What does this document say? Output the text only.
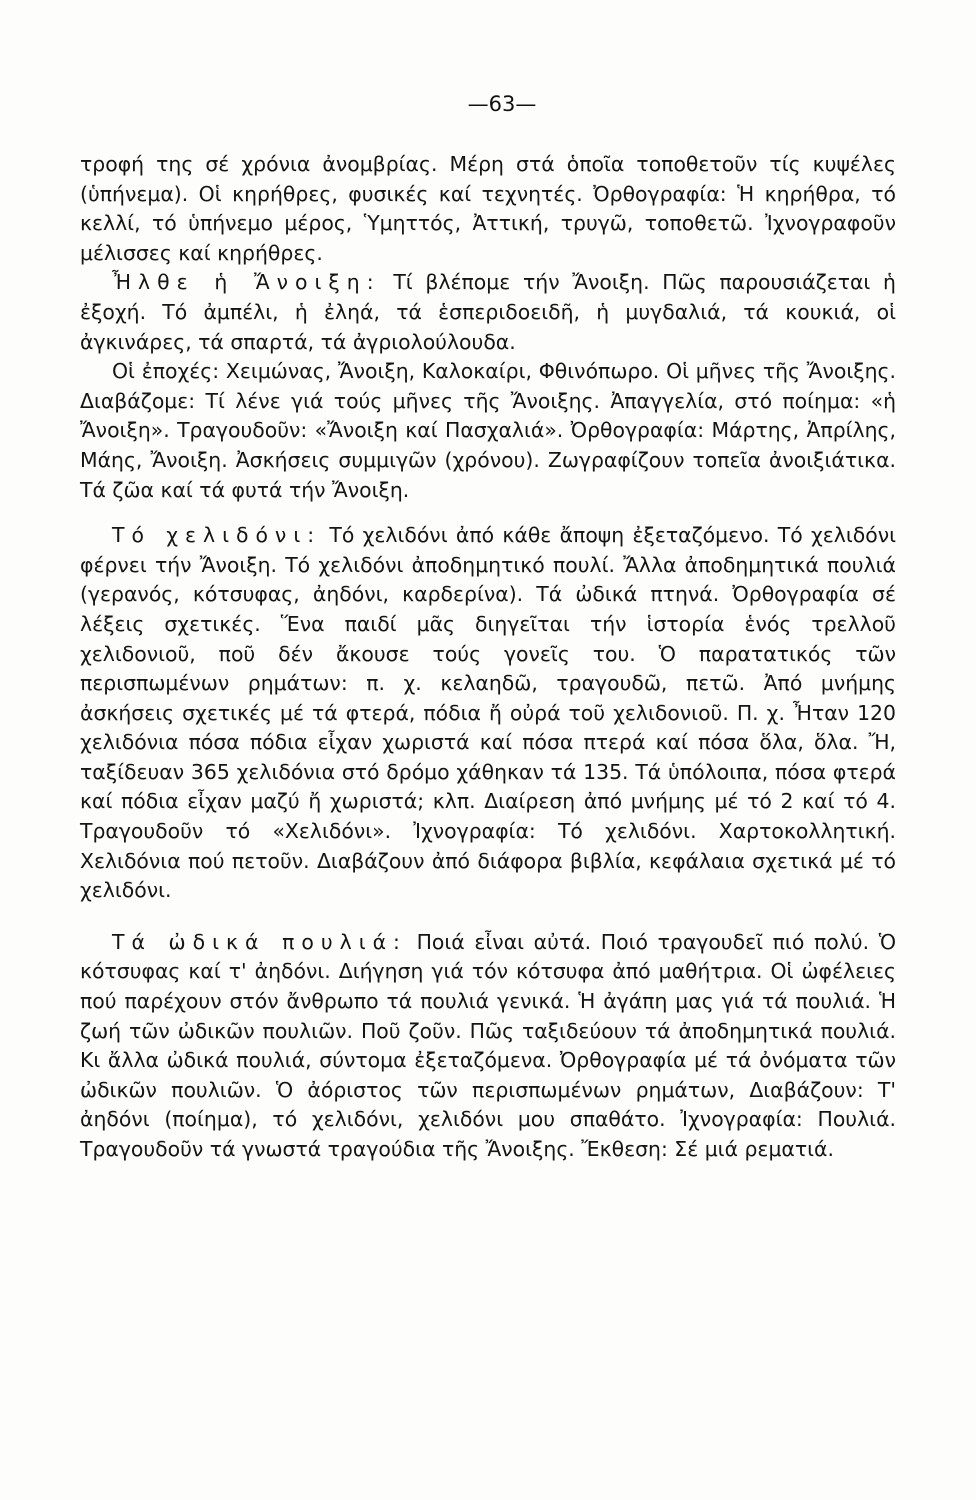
—63—

τροφή της σέ χρόνια ἀνομβρίας. Μέρη στά ὁποῖα τοποθετοῦν τίς κυψέλες (ὑπήνεμα). Οἱ κηρήθρες, φυσικές καί τεχνητές. Ὀρθογραφία: Ἡ κηρήθρα, τό κελλί, τό ὑπήνεμο μέρος, Ὑμηττός, Ἀττική, τρυγῶ, τοποθετῶ. Ἰχνογραφοῦν μέλισσες καί κηρήθρες.

Ἦλθε ἡ Ἄνοιξη: Τί βλέπομε τήν Ἄνοιξη. Πῶς παρουσιάζεται ἡ ἐξοχή. Τό ἀμπέλι, ἡ ἐληά, τά ἑσπεριδοειδῆ, ἡ μυγδαλιά, τά κουκιά, οἱ ἀγκινάρες, τά σπαρτά, τά ἀγριολούλουδα.

Οἱ ἐποχές: Χειμώνας, Ἄνοιξη, Καλοκαίρι, Φθινόπωρο. Οἱ μῆνες τῆς Ἄνοιξης. Διαβάζομε: Τί λένε γιά τούς μῆνες τῆς Ἄνοιξης. Ἀπαγγελία, στό ποίημα: «ἡ Ἄνοιξη». Τραγουδοῦν: «Ἄνοιξη καί Πασχαλιά». Ὀρθογραφία: Μάρτης, Ἀπρίλης, Μάης, Ἄνοιξη. Ἀσκήσεις συμμιγῶν (χρόνου). Ζωγραφίζουν τοπεῖα ἀνοιξιάτικα. Τά ζῶα καί τά φυτά τήν Ἄνοιξη.

Τό χελιδόνι: Τό χελιδόνι ἀπό κάθε ἄποψη ἐξεταζόμενο. Τό χελιδόνι φέρνει τήν Ἄνοιξη. Τό χελιδόνι ἀποδημητικό πουλί. Ἄλλα ἀποδημητικά πουλιά (γερανός, κότσυφας, ἀηδόνι, καρδερίνα). Τά ὠδικά πτηνά. Ὀρθογραφία σέ λέξεις σχετικές. Ἕνα παιδί μᾶς διηγεῖται τήν ἱστορία ἑνός τρελλοῦ χελιδονιοῦ, ποῦ δέν ἄκουσε τούς γονεῖς του. Ὁ παρατατικός τῶν περισπωμένων ρημάτων: π. χ. κελαηδῶ, τραγουδῶ, πετῶ. Ἀπό μνήμης ἀσκήσεις σχετικές μέ τά φτερά, πόδια ἤ οὐρά τοῦ χελιδονιοῦ. Π. χ. Ἦταν 120 χελιδόνια πόσα πόδια εἶχαν χωριστά καί πόσα πτερά καί πόσα ὅλα, ὅλα. Ἤ, ταξίδευαν 365 χελιδόνια στό δρόμο χάθηκαν τά 135. Τά ὑπόλοιπα, πόσα φτερά καί πόδια εἶχαν μαζύ ἤ χωριστά; κλπ. Διαίρεση ἀπό μνήμης μέ τό 2 καί τό 4. Τραγουδοῦν τό «Χελιδόνι». Ἰχνογραφία: Τό χελιδόνι. Χαρτοκολλητική. Χελιδόνια πού πετοῦν. Διαβάζουν ἀπό διάφορα βιβλία, κεφάλαια σχετικά μέ τό χελιδόνι.

Τά ὠδικά πουλιά: Ποιά εἶναι αὐτά. Ποιό τραγουδεῖ πιό πολύ. Ὁ κότσυφας καί τ' ἀηδόνι. Διήγηση γιά τόν κότσυφα ἀπό μαθήτρια. Οἱ ὠφέλειες πού παρέχουν στόν ἄνθρωπο τά πουλιά γενικά. Ἡ ἀγάπη μας γιά τά πουλιά. Ἡ ζωή τῶν ὠδικῶν πουλιῶν. Ποῦ ζοῦν. Πῶς ταξιδεύουν τά ἀποδημητικά πουλιά. Κι ἄλλα ὠδικά πουλιά, σύντομα ἐξεταζόμενα. Ὀρθογραφία μέ τά ὀνόματα τῶν ὠδικῶν πουλιῶν. Ὁ ἀόριστος τῶν περισπωμένων ρημάτων, Διαβάζουν: Τ' ἀηδόνι (ποίημα), τό χελιδόνι, χελιδόνι μου σπαθάτο. Ἰχνογραφία: Πουλιά. Τραγουδοῦν τά γνωστά τραγούδια τῆς Ἄνοιξης. Ἔκθεση: Σέ μιά ρεματιά.
